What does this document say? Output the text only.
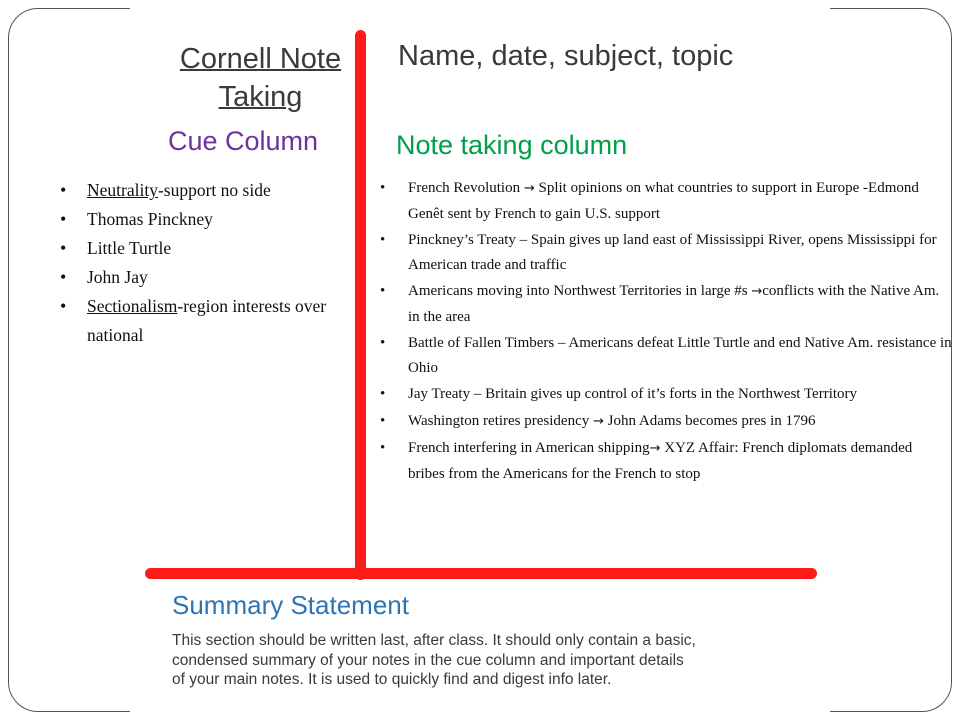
Cornell Note
Taking
Name, date, subject, topic
Cue Column	Note taking column
• Neutrality-support no side
• Thomas Pinckney
• Little Turtle
• John Jay
• Sectionalism-region interests over national
• French Revolution → Split opinions on what countries to support in Europe -Edmond Genêt sent by French to gain U.S. support
• Pinckney’s Treaty – Spain gives up land east of Mississippi River, opens Mississippi for American trade and traffic
• Americans moving into Northwest Territories in large #s →conflicts with the Native Am. in the area
• Battle of Fallen Timbers – Americans defeat Little Turtle and end Native Am. resistance in Ohio
• Jay Treaty – Britain gives up control of it’s forts in the Northwest Territory
• Washington retires presidency → John Adams becomes pres in 1796
• French interfering in American shipping→ XYZ Affair: French diplomats demanded bribes from the Americans for the French to stop
Summary Statement
This section should be written last, after class. It should only contain a basic,
condensed summary of your notes in the cue column and important details
of your main notes. It is used to quickly find and digest info later.
